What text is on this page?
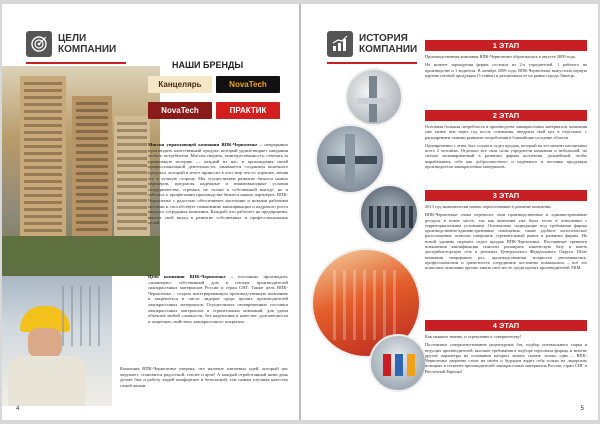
ЦЕЛИ КОМПАНИИ
НАШИ БРЕНДЫ
Канцелярь	NovaTech
NovaTech	ПРАКТИК
Миссия управляющей компании ВПК-Черноземье – непрерывно производить качественный продукт, который удовлетворяет ожидания любого потребителя. Миссия творить, заинтересованность, отвечать за правильную историю — каждый из нас, в прохождения своей профессиональной деятельности, занимается созданием конечного продукта, который в итоге приносит в этот мир что-то хорошее, меняя его в лучшую сторону. Мы осуществляем развитие бизнеса наших партнёров, предлагая надёжные и взаимовыгодные условия сотрудничества, стремясь не только к собственной выгоде, но и заботясь о процветании производства бизнеса наших партнёров. ВПК-Черноземье с радостью обеспечивает население и новыми рабочими местами и способствует повышению квалификации и кадрового роста каждого сотрудника компании. Каждый, кто работает на предприятии, вносит свой вклад в развитие собственных и профессиональных целей.
Цель компании ВПК-Черноземье – постоянно производить «знакомую» собственный дом в секторе производителей лакокрасочных материалов России и стран СНГ. Также цель ВПК-Черноземье – создать интегрированную производственную компанию и закрепиться в числе лидеров среди прочих производителей лакокрасочных материалов. Осуществлять своевременные поставки лакокрасочных материалов и строительных компаний, для удачи объектов любой сложности, без нарушения в качестве, долговечности и защитных свойствах лакокрасочного покрытия.
Компания ВПК-Черноземье уверена, что наличие ключевых идей, который нас окружает, становится радостной, теплее и ярче! А каждый отработанный нами день делает быт и работу людей комфортнее и безопасней, тем самым улучшая качество самой жизни.
4
ИСТОРИЯ КОМПАНИИ	1 ЭТАП

Производственная компания ВПК-Черноземье образовалась в августе 2009 года.

На момент зарождения фирма состояла из 2-х учредителей, 1 рабочего на производстве и 1 водителя. В октябре 2009 года, ВПК-Черноземье выпустила первую партию готовой продукции (3 тонны) и реализовала ее на рынке города Липецк.

2 ЭТАП

Основная большая потребность в производстве лакокрасочных материалов, компания уже менее чем через год после основания, внедрила свой цех в отдельное, с расширением самими рынками потребления в ближайшие соседние области.

Одновременно с этим, был создан и отдел продаж, который на тот момент насчитывал всего 2 человека. Отдельно все свои силы учредители компании и небольшой, но сильно мотивированный в развитии фирмы коллектив, дальнейшей, чтобы вырабатывать себе как добросовестного и надёжного в поставке продукции производителя лакокрасочных материалов.

3 ЭТАП

2013 год экономически начать переоснование в развитие компании.

ВПК-Черноземье снова переносит свои производственные и административные ресурсы в новое место, так как компания уже была тесно в отношении с территориальными условиями. Оптимально подводящие под требования фирмы производственно-административные помещения, также удобное логистическое расположение, помогли совершить стремительный рывок в развитии фирмы. На новой уровень перешёл отдел продаж ВПК-Черноземье. Постоянные тренинги повышения квалификации помогли расширить клиентскую базу и иметь дистрибьюторскую сеть в регионах Центрального Федерального Округа. Штат компании непрерывно рос, производственные мощности увеличивались, профессионализм и грамотность сотрудников постоянно повышались – всё это позволило компании прочно занять своё место среди прочих производителей ЛКМ.

4 ЭТАП

Как мышкое знание, и стремление к совершенству!

Постоянное совершенствование рецептурных баз, подбор оптимального сырья и ведущих производителей, высокие требования в подборе персонала фирмы, и многие другие параметры на основании которых можно сказать только одно – ВПК-Черноземье уверенно стоит на своём и будущем видит себя только на лидерских позициях в сегменте производителей лакокрасочных материалов России, стран СНГ и Восточной Европы!

5
